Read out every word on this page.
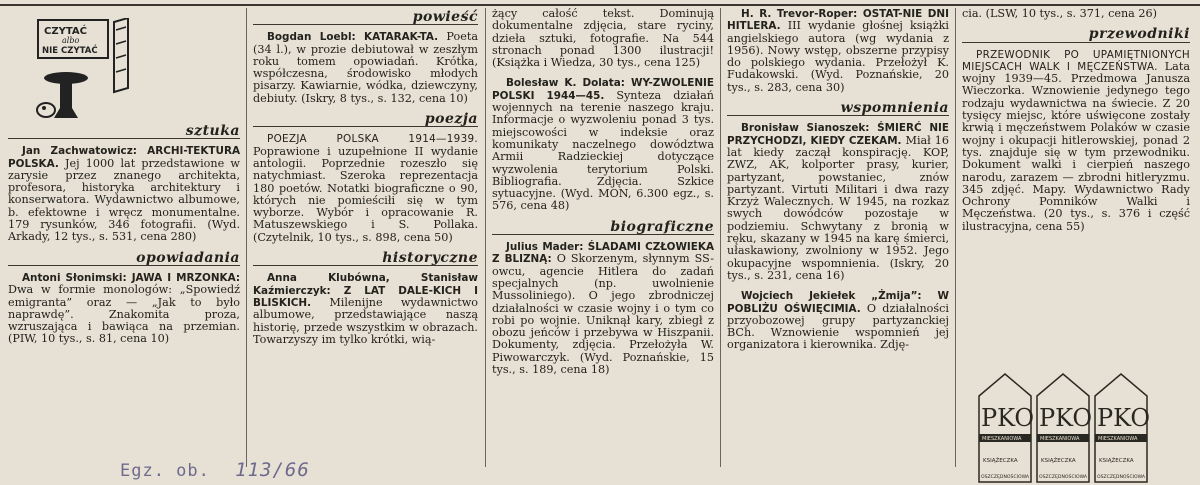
CZYTAĆ
albo
NIE CZYTAĆ
sztuka

Jan Zachwatowicz: ARCHI-TEKTURA POLSKA. Jej 1000 lat przedstawione w zarysie przez znanego architekta, profesora, historyka architektury i konserwatora. Wydawnictwo albumowe, b. efektowne i wręcz monumentalne. 179 rysunków, 346 fotografii. (Wyd. Arkady, 12 tys., s. 531, cena 280)

opowiadania

Antoni Słonimski: JAWA I MRZONKA: Dwa w formie monologów: „Spowiedź emigranta” oraz — „Jak to było naprawdę”. Znakomita proza, wzruszająca i bawiąca na przemian. (PIW, 10 tys., s. 81, cena 10)

powieść

Bogdan Loebl: KATARAK-TA. Poeta (34 l.), w prozie debiutował w zeszłym roku tomem opowiadań. Krótka, współczesna, środowisko młodych pisarzy. Kawiarnie, wódka, dziewczyny, debiuty. (Iskry, 8 tys., s. 132, cena 10)

poezja

POEZJA POLSKA 1914—1939. Poprawione i uzupełnione II wydanie antologii. Poprzednie rozeszło się natychmiast. Szeroka reprezentacja 180 poetów. Notatki biograficzne o 90, których nie pomieściłi się w tym wyborze. Wybór i opracowanie R. Matuszewskiego i S. Pollaka. (Czytelnik, 10 tys., s. 898, cena 50)

historyczne

Anna Klubówna, Stanisław Kaźmierczyk: Z LAT DALE-KICH I BLISKICH. Milenijne wydawnictwo albumowe, przedstawiające naszą historię, przede wszystkim w obrazach. Towarzyszy im tylko krótki, wią-

żący całość tekst. Dominują dokumentalne zdjęcia, stare ryciny, dzieła sztuki, fotografie. Na 544 stronach ponad 1300 ilustracji! (Książka i Wiedza, 30 tys., cena 125)

Bolesław K. Dolata: WY-ZWOLENIE POLSKI 1944—45. Synteza działań wojennych na terenie naszego kraju. Informacje o wyzwoleniu ponad 3 tys. miejscowości w indeksie oraz komunikaty naczelnego dowództwa Armii Radzieckiej dotyczące wyzwolenia terytorium Polski. Bibliografia. Zdjęcia. Szkice sytuacyjne. (Wyd. MON, 6.300 egz., s. 576, cena 48)

biograficzne

Julius Mader: ŚLADAMI CZŁOWIEKA Z BLIZNĄ: O Skorzenym, słynnym SS-owcu, agencie Hitlera do zadań specjalnych (np. uwolnienie Mussoliniego). O jego zbrodniczej działalności w czasie wojny i o tym co robi po wojnie. Uniknął kary, zbiegł z obozu jeńców i przebywa w Hiszpanii. Dokumenty, zdjęcia. Przełożyła W. Piwowarczyk. (Wyd. Poznańskie, 15 tys., s. 189, cena 18)

H. R. Trevor-Roper: OSTAT-NIE DNI HITLERA. III wydanie głośnej książki angielskiego autora (wg wydania z 1956). Nowy wstęp, obszerne przypisy do polskiego wydania. Przełożył K. Fudakowski. (Wyd. Poznańskie, 20 tys., s. 283, cena 30)

wspomnienia

Bronisław Sianoszek: ŚMIERĆ NIE PRZYCHODZI, KIEDY CZEKAM. Miał 16 lat kiedy zaczął konspirację. KOP, ZWZ, AK, kolporter prasy, kurier, partyzant, powstaniec, znów partyzant. Virtuti Militari i dwa razy Krzyż Walecznych. W 1945, na rozkaz swych dowódców pozostaje w podziemiu. Schwytany z bronią w ręku, skazany w 1945 na karę śmierci, ułaskawiony, zwolniony w 1952. Jego okupacyjne wspomnienia. (Iskry, 20 tys., s. 231, cena 16)

Wojciech Jekiełek „Żmija”: W POBLIŻU OŚWIĘCIMIA. O działalności przyobozowej grupy partyzanckiej BCh. Wznowienie wspomnień jej organizatora i kierownika. Zdję-

cia. (LSW, 10 tys., s. 371, cena 26)

przewodniki

PRZEWODNIK PO UPAMIĘTNIONYCH MIEJSCACH WALK I MĘCZEŃSTWA. Lata wojny 1939—45. Przedmowa Janusza Wieczorka. Wznowienie jedynego tego rodzaju wydawnictwa na świecie. Z 20 tysięcy miejsc, które uświęcone zostały krwią i męczeństwem Polaków w czasie wojny i okupacji hitlerowskiej, ponad 2 tys. znajduje się w tym przewodniku. Dokument walki i cierpień naszego narodu, zarazem — zbrodni hitleryzmu. 345 zdjęć. Mapy. Wydawnictwo Rady Ochrony Pomników Walki i Męczeństwa. (20 tys., s. 376 i część ilustracyjna, cena 55)

PKO PKO PKO
MIESZKANIOWA	MIESZKANIOWA	MIESZKANIOWA
KSIĄŻECZKA	KSIĄŻECZKA	KSIĄŻECZKA
OSZCZĘDNOŚCIOWA OSZCZĘDNOŚCIOWA OSZCZĘDNOŚCIOWA
Egz. ob. 113/66
